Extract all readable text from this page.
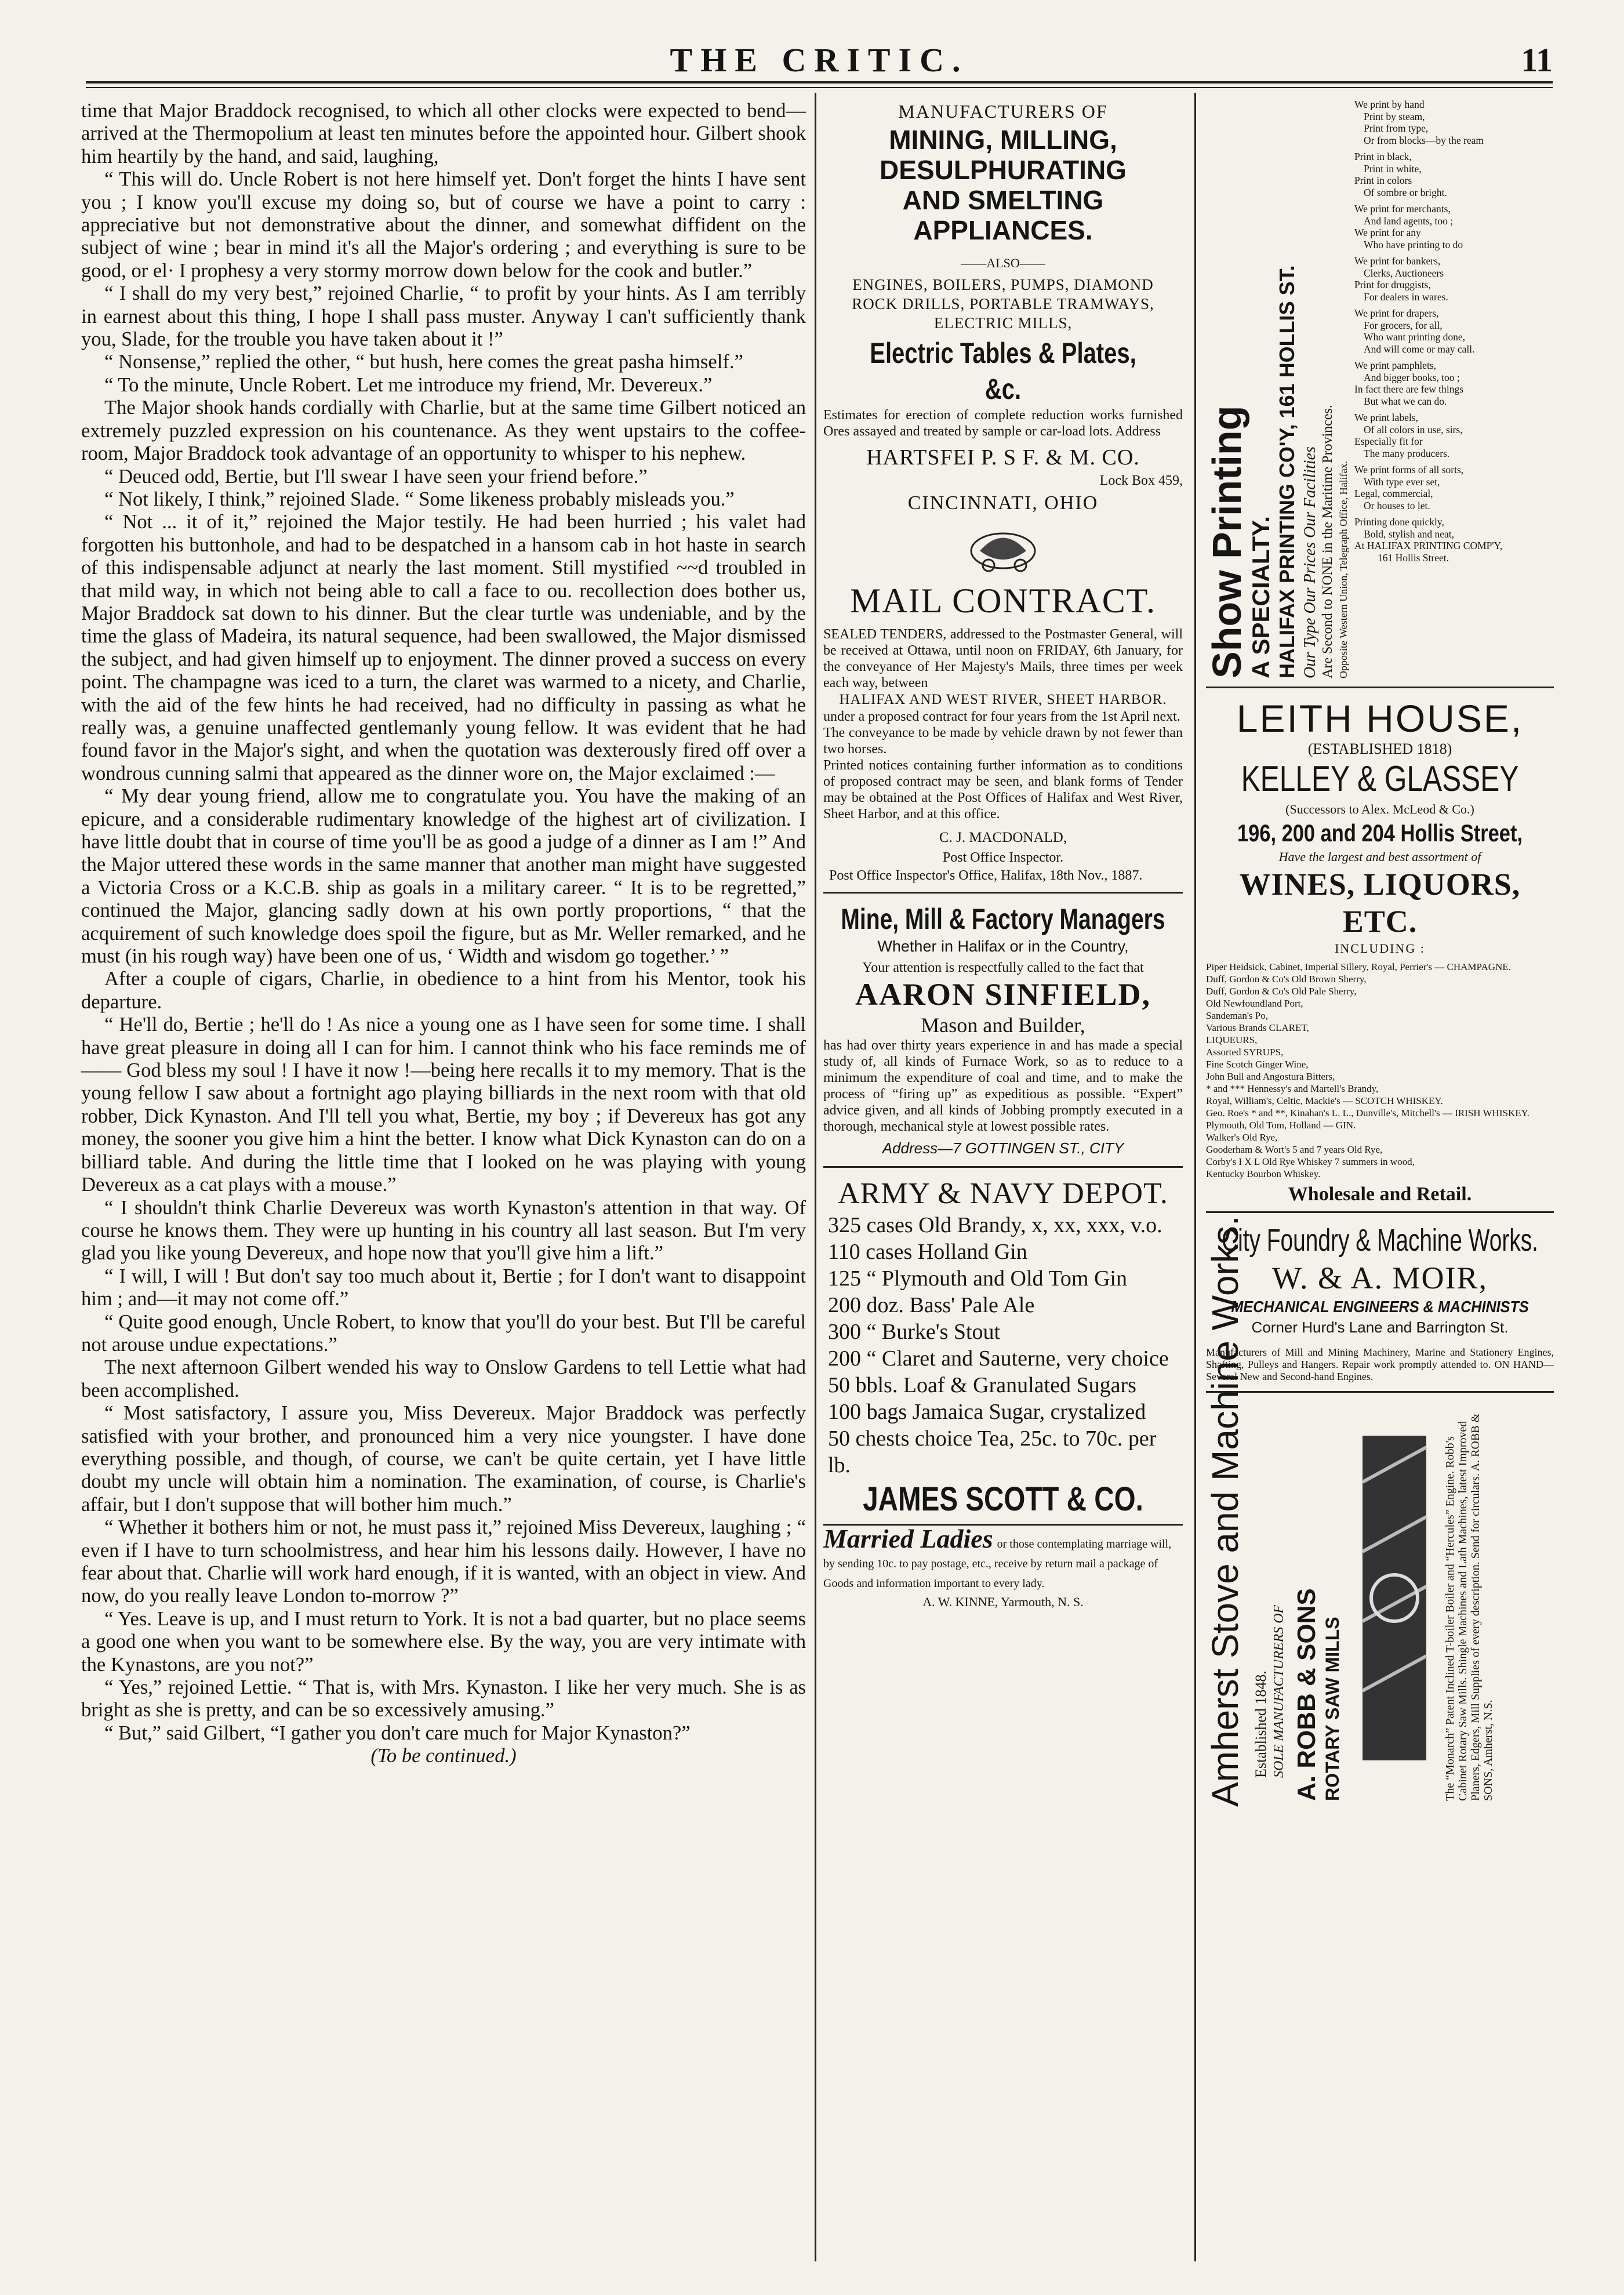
THE CRITIC.	11

time that Major Braddock recognised, to which all other clocks were expected to bend—arrived at the Thermopolium at least ten minutes before the appointed hour. Gilbert shook him heartily by the hand, and said, laughing,

“ This will do. Uncle Robert is not here himself yet. Don't forget the hints I have sent you ; I know you'll excuse my doing so, but of course we have a point to carry : appreciative but not demonstrative about the dinner, and somewhat diffident on the subject of wine ; bear in mind it's all the Major's ordering ; and everything is sure to be good, or el· I prophesy a very stormy morrow down below for the cook and butler.”

“ I shall do my very best,” rejoined Charlie, “ to profit by your hints. As I am terribly in earnest about this thing, I hope I shall pass muster. Anyway I can't sufficiently thank you, Slade, for the trouble you have taken about it !”

“ Nonsense,” replied the other, “ but hush, here comes the great pasha himself.”

“ To the minute, Uncle Robert. Let me introduce my friend, Mr. Devereux.”

The Major shook hands cordially with Charlie, but at the same time Gilbert noticed an extremely puzzled expression on his countenance. As they went upstairs to the coffee-room, Major Braddock took advantage of an opportunity to whisper to his nephew.

“ Deuced odd, Bertie, but I'll swear I have seen your friend before.”

“ Not likely, I think,” rejoined Slade. “ Some likeness probably misleads you.”

“ Not ... it of it,” rejoined the Major testily. He had been hurried ; his valet had forgotten his buttonhole, and had to be despatched in a hansom cab in hot haste in search of this indispensable adjunct at nearly the last moment. Still mystified ~~d troubled in that mild way, in which not being able to call a face to ou. recollection does bother us, Major Braddock sat down to his dinner. But the clear turtle was undeniable, and by the time the glass of Madeira, its natural sequence, had been swallowed, the Major dismissed the subject, and had given himself up to enjoyment. The dinner proved a success on every point. The champagne was iced to a turn, the claret was warmed to a nicety, and Charlie, with the aid of the few hints he had received, had no difficulty in passing as what he really was, a genuine unaffected gentlemanly young fellow. It was evident that he had found favor in the Major's sight, and when the quotation was dexterously fired off over a wondrous cunning salmi that appeared as the dinner wore on, the Major exclaimed :—

“ My dear young friend, allow me to congratulate you. You have the making of an epicure, and a considerable rudimentary knowledge of the highest art of civilization. I have little doubt that in course of time you'll be as good a judge of a dinner as I am !” And the Major uttered these words in the same manner that another man might have suggested a Victoria Cross or a K.C.B. ship as goals in a military career. “ It is to be regretted,” continued the Major, glancing sadly down at his own portly proportions, “ that the acquirement of such knowledge does spoil the figure, but as Mr. Weller remarked, and he must (in his rough way) have been one of us, ‘ Width and wisdom go together.’ ”

After a couple of cigars, Charlie, in obedience to a hint from his Mentor, took his departure.

“ He'll do, Bertie ; he'll do ! As nice a young one as I have seen for some time. I shall have great pleasure in doing all I can for him. I cannot think who his face reminds me of—— God bless my soul ! I have it now !—being here recalls it to my memory. That is the young fellow I saw about a fortnight ago playing billiards in the next room with that old robber, Dick Kynaston. And I'll tell you what, Bertie, my boy ; if Devereux has got any money, the sooner you give him a hint the better. I know what Dick Kynaston can do on a billiard table. And during the little time that I looked on he was playing with young Devereux as a cat plays with a mouse.”

“ I shouldn't think Charlie Devereux was worth Kynaston's attention in that way. Of course he knows them. They were up hunting in his country all last season. But I'm very glad you like young Devereux, and hope now that you'll give him a lift.”

“ I will, I will ! But don't say too much about it, Bertie ; for I don't want to disappoint him ; and—it may not come off.”

“ Quite good enough, Uncle Robert, to know that you'll do your best. But I'll be careful not arouse undue expectations.”

The next afternoon Gilbert wended his way to Onslow Gardens to tell Lettie what had been accomplished.

“ Most satisfactory, I assure you, Miss Devereux. Major Braddock was perfectly satisfied with your brother, and pronounced him a very nice youngster. I have done everything possible, and though, of course, we can't be quite certain, yet I have little doubt my uncle will obtain him a nomination. The examination, of course, is Charlie's affair, but I don't suppose that will bother him much.”

“ Whether it bothers him or not, he must pass it,” rejoined Miss Devereux, laughing ; “ even if I have to turn schoolmistress, and hear him his lessons daily. However, I have no fear about that. Charlie will work hard enough, if it is wanted, with an object in view. And now, do you really leave London to-morrow ?”

“ Yes. Leave is up, and I must return to York. It is not a bad quarter, but no place seems a good one when you want to be somewhere else. By the way, you are very intimate with the Kynastons, are you not?”

“ Yes,” rejoined Lettie. “ That is, with Mrs. Kynaston. I like her very much. She is as bright as she is pretty, and can be so excessively amusing.”

“ But,” said Gilbert, “I gather you don't care much for Major Kynaston?”

(To be continued.)

MANUFACTURERS OF
MINING, MILLING, DESULPHURATING
AND SMELTING APPLIANCES.
——ALSO——
ENGINES, BOILERS, PUMPS, DIAMOND ROCK DRILLS, PORTABLE TRAMWAYS, ELECTRIC MILLS,
Electric Tables & Plates, &c.
Estimates for erection of complete reduction works furnished Ores assayed and treated by sample or car-load lots. Address
HARTSFEI P. S F. & M. CO.
Lock Box 459,
CINCINNATI, OHIO
MAIL CONTRACT.
SEALED TENDERS, addressed to the Postmaster General, will be received at Ottawa, until noon on FRIDAY, 6th January, for the conveyance of Her Majesty's Mails, three times per week each way, between
HALIFAX AND WEST RIVER, SHEET HARBOR.
under a proposed contract for four years from the 1st April next.
The conveyance to be made by vehicle drawn by not fewer than two horses.
Printed notices containing further information as to conditions of proposed contract may be seen, and blank forms of Tender may be obtained at the Post Offices of Halifax and West River, Sheet Harbor, and at this office.
C. J. MACDONALD,
Post Office Inspector.
Post Office Inspector's Office, Halifax, 18th Nov., 1887.
Mine, Mill & Factory Managers
Whether in Halifax or in the Country,
Your attention is respectfully called to the fact that
AARON SINFIELD,
Mason and Builder,
has had over thirty years experience in and has made a special study of, all kinds of Furnace Work, so as to reduce to a minimum the expenditure of coal and time, and to make the process of “firing up” as expeditious as possible. “Expert” advice given, and all kinds of Jobbing promptly executed in a thorough, mechanical style at lowest possible rates.
Address—7 GOTTINGEN ST., CITY
ARMY & NAVY DEPOT.
325 cases Old Brandy, x, xx, xxx, v.o.
110 cases Holland Gin
125 “ Plymouth and Old Tom Gin
200 doz. Bass' Pale Ale
300 “ Burke's Stout
200 “ Claret and Sauterne, very choice
50 bbls. Loaf & Granulated Sugars
100 bags Jamaica Sugar, crystalized
50 chests choice Tea, 25c. to 70c. per lb.
JAMES SCOTT & CO.
Married Ladies or those contemplating marriage will, by sending 10c. to pay postage, etc., receive by return mail a package of Goods and information important to every lady.
A. W. KINNE, Yarmouth, N. S.
Show Printing
A SPECIALTY. HALIFAX PRINTING CO'Y, 161 HOLLIS ST. Our Type Our Prices Our Facilities Are Second to NONE in the Maritime Provinces. Opposite Western Union, Telegraph Office, Halifax.
We print by hand
Print by steam,
Print from type,
Or from blocks—by the ream
Print in black,
Print in white,
Print in colors
Of sombre or bright.
We print for merchants,
And land agents, too ;
We print for any
Who have printing to do
We print for bankers,
Clerks, Auctioneers
Print for druggists,
For dealers in wares.
We print for drapers,
For grocers, for all,
Who want printing done,
And will come or may call.
We print pamphlets,
And bigger books, too ;
In fact there are few things
But what we can do.
We print labels,
Of all colors in use, sirs,
Especially fit for
The many producers.
We print forms of all sorts,
With type ever set,
Legal, commercial,
Or houses to let.
Printing done quickly,
Bold, stylish and neat,
At HALIFAX PRINTING COMP'Y,
161 Hollis Street.
LEITH HOUSE,
(ESTABLISHED 1818)
KELLEY & GLASSEY
(Successors to Alex. McLeod & Co.)
196, 200 and 204 Hollis Street,
Have the largest and best assortment of
WINES, LIQUORS, ETC.
INCLUDING :
Piper Heidsick, Cabinet, Imperial Sillery, Royal, Perrier's — CHAMPAGNE.
Duff, Gordon & Co's Old Brown Sherry,
Duff, Gordon & Co's Old Pale Sherry,
Old Newfoundland Port,
Sandeman's Po,
Various Brands CLARET,
LIQUEURS,
Assorted SYRUPS,
Fine Scotch Ginger Wine,
John Bull and Angostura Bitters,
* and *** Hennessy's and Martell's Brandy,
Royal, William's, Celtic, Mackie's — SCOTCH WHISKEY.
Geo. Roe's * and **, Kinahan's L. L., Dunville's, Mitchell's — IRISH WHISKEY.
Plymouth, Old Tom, Holland — GIN.
Walker's Old Rye,
Gooderham & Wort's 5 and 7 years Old Rye,
Corby's I X L Old Rye Whiskey 7 summers in wood,
Kentucky Bourbon Whiskey.
Wholesale and Retail.
City Foundry & Machine Works.
W. & A. MOIR,
MECHANICAL ENGINEERS & MACHINISTS
Corner Hurd's Lane and Barrington St.
Manufacturers of Mill and Mining Machinery, Marine and Stationery Engines, Shafting, Pulleys and Hangers. Repair work promptly attended to. ON HAND—Several New and Second-hand Engines.
Amherst Stove and Machine Works. Established 1848. SOLE MANUFACTURERS OF A. ROBB & SONS ROTARY SAW MILLS	The “Monarch” Patent Inclined T-boiler Boiler and “Hercules” Engine. Robb's Cabinet Rotary Saw Mills. Shingle Machines and Lath Machines, latest Improved Planers, Edgers, Mill Supplies of every description. Send for circulars. A. ROBB & SONS, Amherst, N.S.
